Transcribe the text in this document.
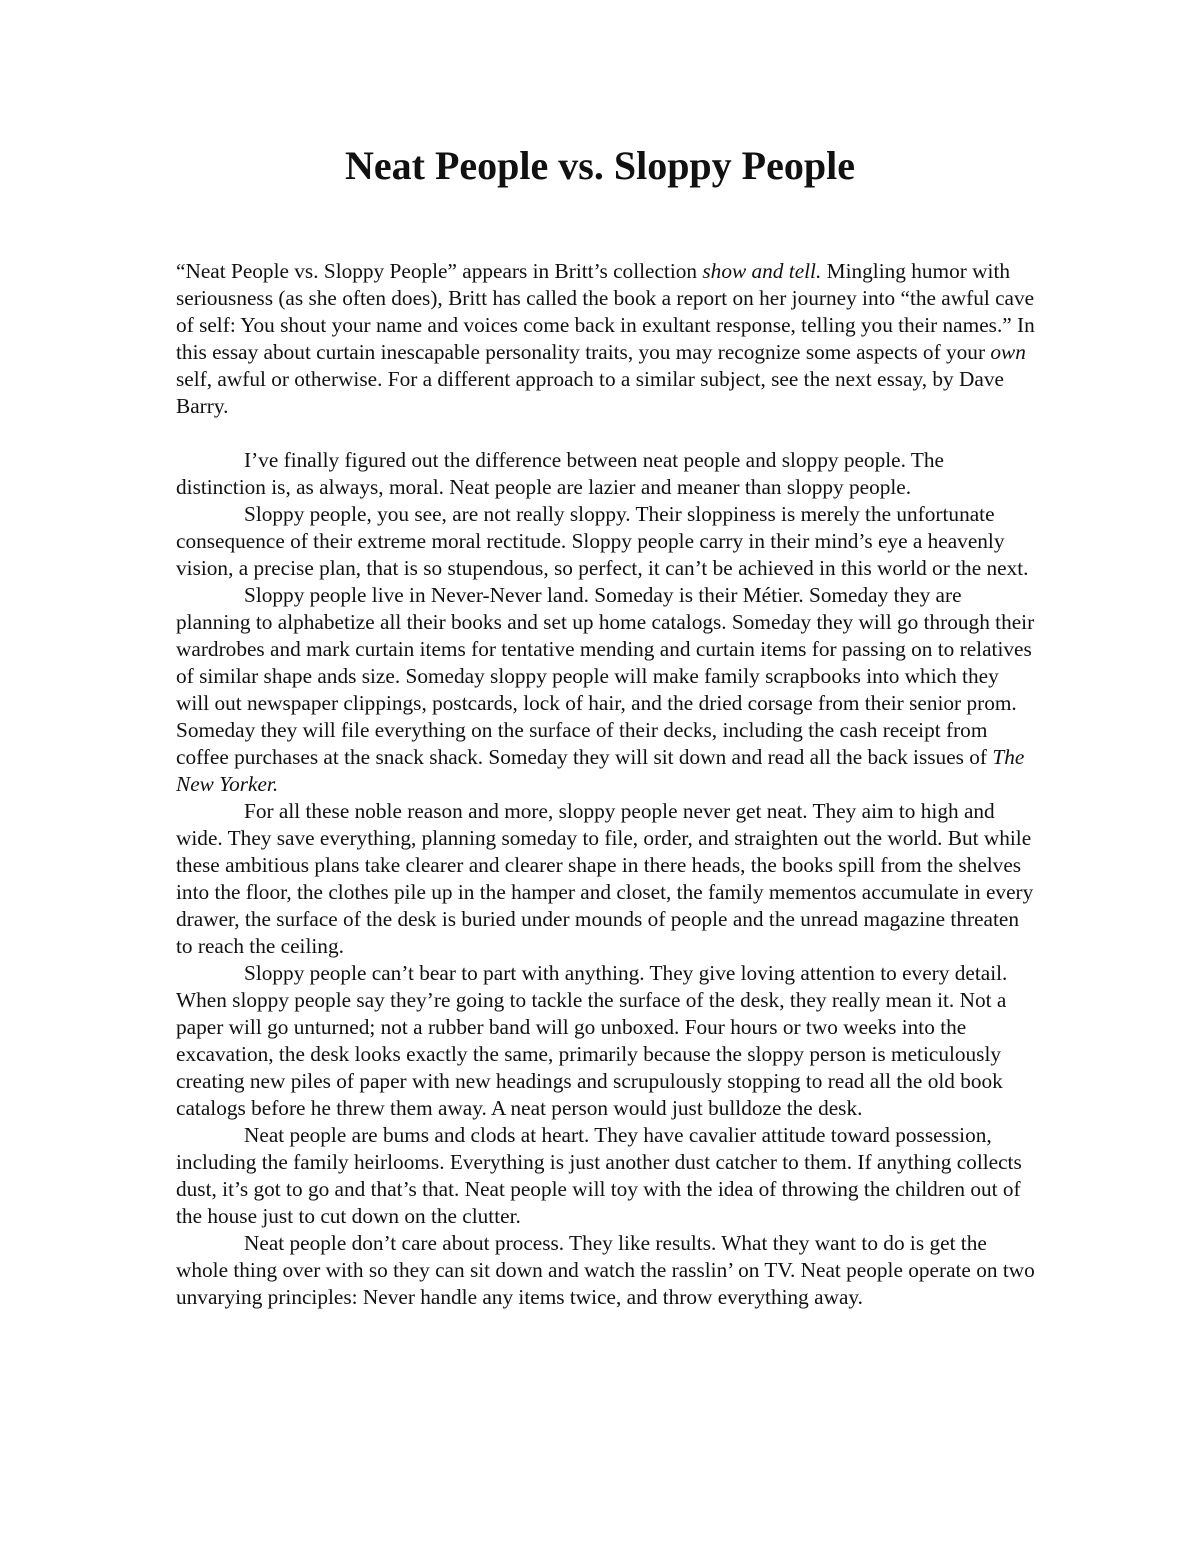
Neat People vs. Sloppy People

“Neat People vs. Sloppy People” appears in Britt’s collection show and tell. Mingling humor with seriousness (as she often does), Britt has called the book a report on her journey into “the awful cave of self: You shout your name and voices come back in exultant response, telling you their names.” In this essay about curtain inescapable personality traits, you may recognize some aspects of your own self, awful or otherwise. For a different approach to a similar subject, see the next essay, by Dave Barry.

I’ve finally figured out the difference between neat people and sloppy people. The distinction is, as always, moral. Neat people are lazier and meaner than sloppy people.

Sloppy people, you see, are not really sloppy. Their sloppiness is merely the unfortunate consequence of their extreme moral rectitude. Sloppy people carry in their mind’s eye a heavenly vision, a precise plan, that is so stupendous, so perfect, it can’t be achieved in this world or the next.

Sloppy people live in Never-Never land. Someday is their Métier. Someday they are planning to alphabetize all their books and set up home catalogs. Someday they will go through their wardrobes and mark curtain items for tentative mending and curtain items for passing on to relatives of similar shape ands size. Someday sloppy people will make family scrapbooks into which they will out newspaper clippings, postcards, lock of hair, and the dried corsage from their senior prom. Someday they will file everything on the surface of their decks, including the cash receipt from coffee purchases at the snack shack. Someday they will sit down and read all the back issues of The New Yorker.

For all these noble reason and more, sloppy people never get neat. They aim to high and wide. They save everything, planning someday to file, order, and straighten out the world. But while these ambitious plans take clearer and clearer shape in there heads, the books spill from the shelves into the floor, the clothes pile up in the hamper and closet, the family mementos accumulate in every drawer, the surface of the desk is buried under mounds of people and the unread magazine threaten to reach the ceiling.

Sloppy people can’t bear to part with anything. They give loving attention to every detail. When sloppy people say they’re going to tackle the surface of the desk, they really mean it. Not a paper will go unturned; not a rubber band will go unboxed. Four hours or two weeks into the excavation, the desk looks exactly the same, primarily because the sloppy person is meticulously creating new piles of paper with new headings and scrupulously stopping to read all the old book catalogs before he threw them away. A neat person would just bulldoze the desk.

Neat people are bums and clods at heart. They have cavalier attitude toward possession, including the family heirlooms. Everything is just another dust catcher to them. If anything collects dust, it’s got to go and that’s that. Neat people will toy with the idea of throwing the children out of the house just to cut down on the clutter.

Neat people don’t care about process. They like results. What they want to do is get the whole thing over with so they can sit down and watch the rasslin’ on TV. Neat people operate on two unvarying principles: Never handle any items twice, and throw everything away.
